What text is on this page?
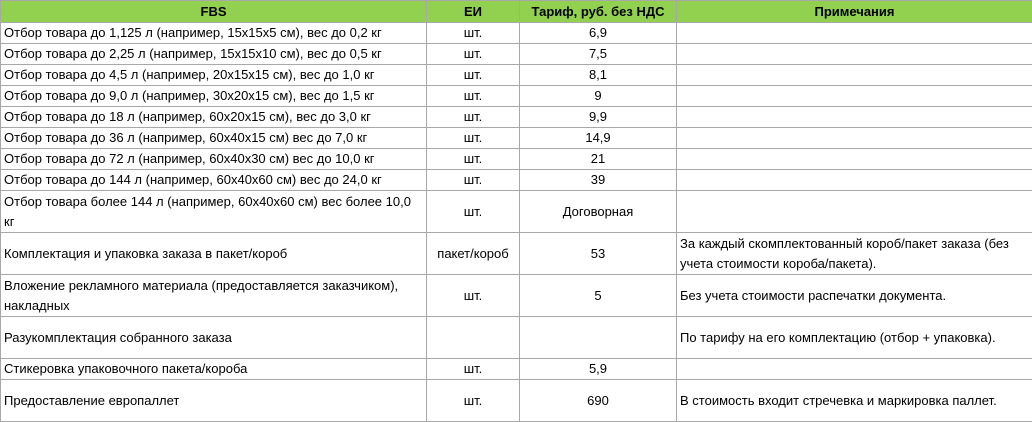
FBS	ЕИ	Тариф, руб. без НДС	Примечания
Отбор товара до 1,125 л (например, 15х15х5 см), вес до 0,2 кг	шт.	6,9	
Отбор товара до 2,25 л (например, 15х15х10 см), вес до 0,5 кг	шт.	7,5	
Отбор товара до 4,5 л (например, 20х15х15 см), вес до 1,0 кг	шт.	8,1	
Отбор товара до 9,0 л (например, 30х20х15 см), вес до 1,5 кг	шт.	9	
Отбор товара до 18 л (например, 60х20х15 см), вес до 3,0 кг	шт.	9,9	
Отбор товара до 36 л (например, 60х40х15 см) вес до 7,0 кг	шт.	14,9	
Отбор товара до 72 л (например, 60х40х30 см) вес до 10,0 кг	шт.	21	
Отбор товара до 144 л (например, 60х40х60 см) вес до 24,0 кг	шт.	39	
Отбор товара более 144 л (например, 60х40х60 см) вес более 10,0 кг	шт.	Договорная	
Комплектация и упаковка заказа в пакет/короб	пакет/короб	53	За каждый скомплектованный короб/пакет заказа (без учета стоимости короба/пакета).
Вложение рекламного материала (предоставляется заказчиком), накладных	шт.	5	Без учета стоимости распечатки документа.
Разукомплектация собранного заказа			По тарифу на его комплектацию (отбор + упаковка).
Стикеровка упаковочного пакета/короба	шт.	5,9	
Предоставление европаллет	шт.	690	В стоимость входит стречевка и маркировка паллет.
